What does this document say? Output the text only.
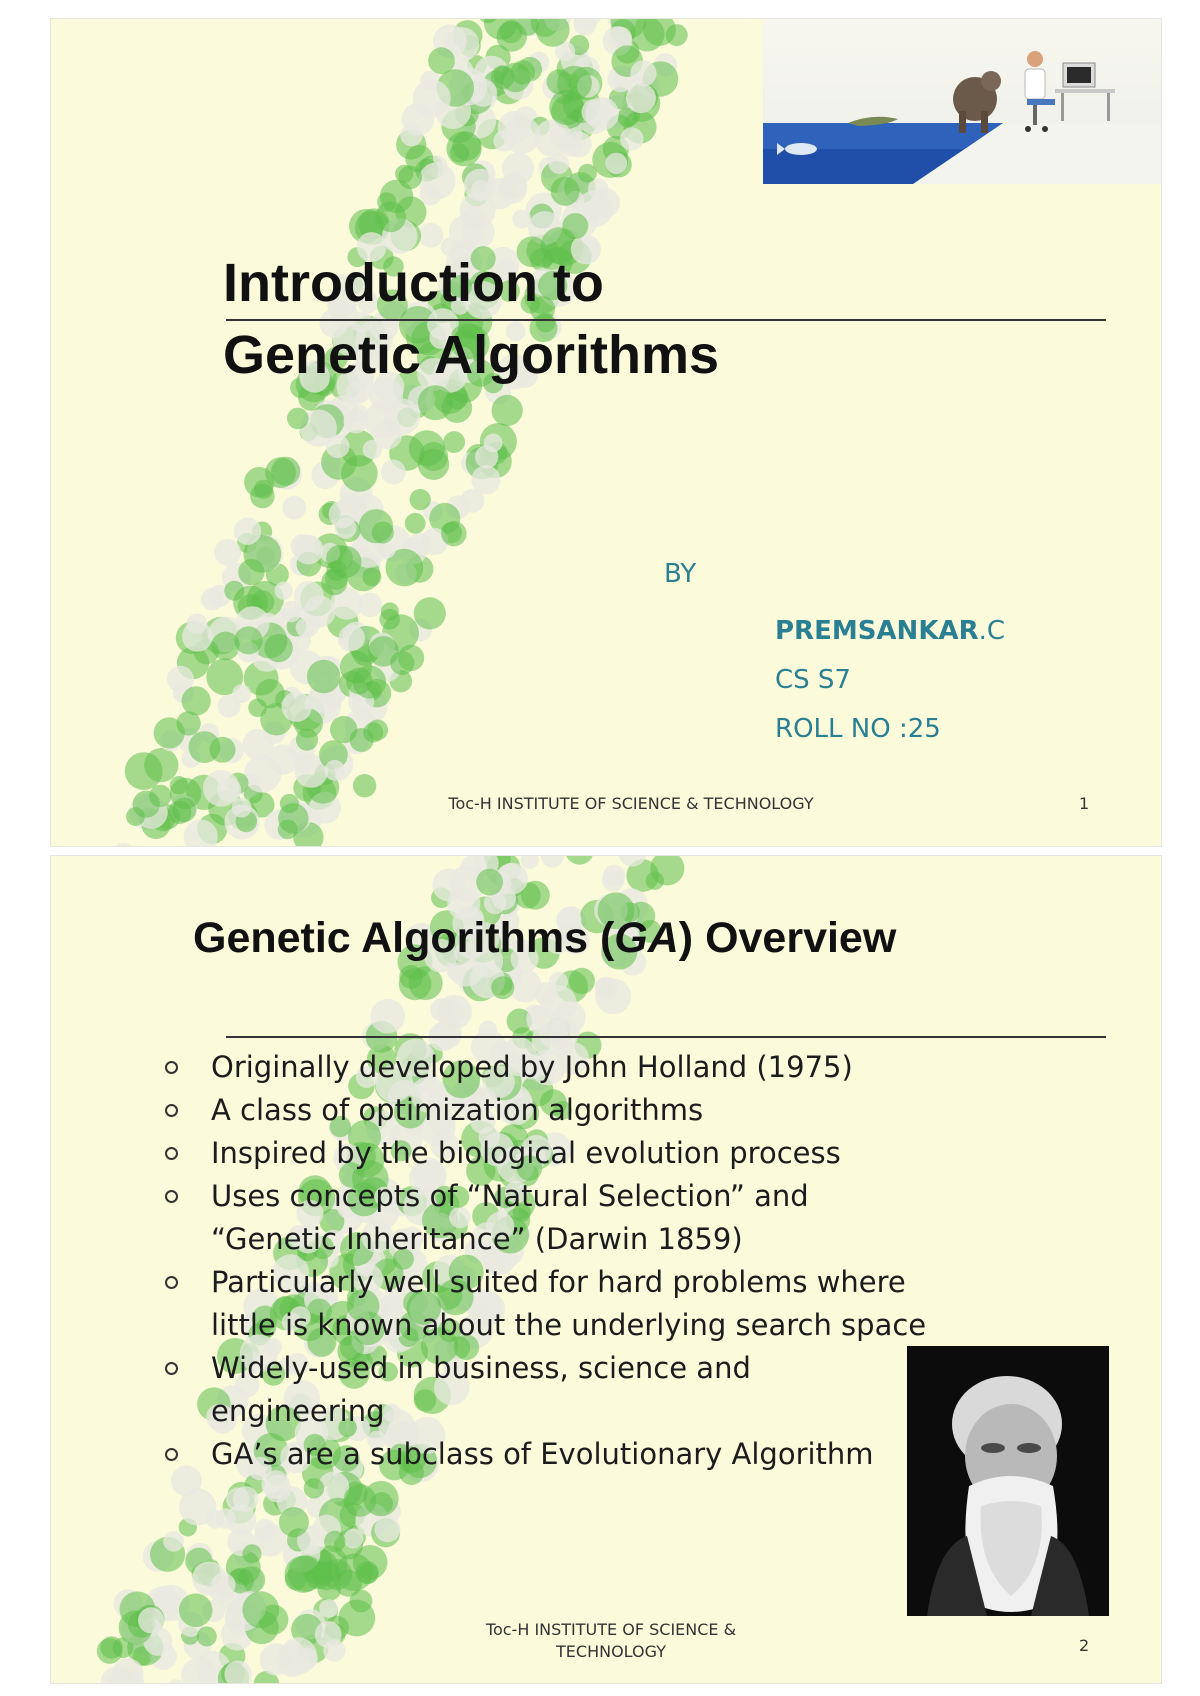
Introduction to
Genetic Algorithms
BY
PREMSANKAR.C
CS S7
ROLL NO :25
Toc-H INSTITUTE OF SCIENCE & TECHNOLOGY	1
Genetic Algorithms (GA) Overview
Originally developed by John Holland (1975)
A class of optimization algorithms
Inspired by the biological evolution process
Uses concepts of “Natural Selection” and “Genetic Inheritance” (Darwin 1859)
Particularly well suited for hard problems where little is known about the underlying search space
Widely-used in business, science and engineering
GA’s are a subclass of Evolutionary Algorithm
Toc-H INSTITUTE OF SCIENCE &
TECHNOLOGY	2
